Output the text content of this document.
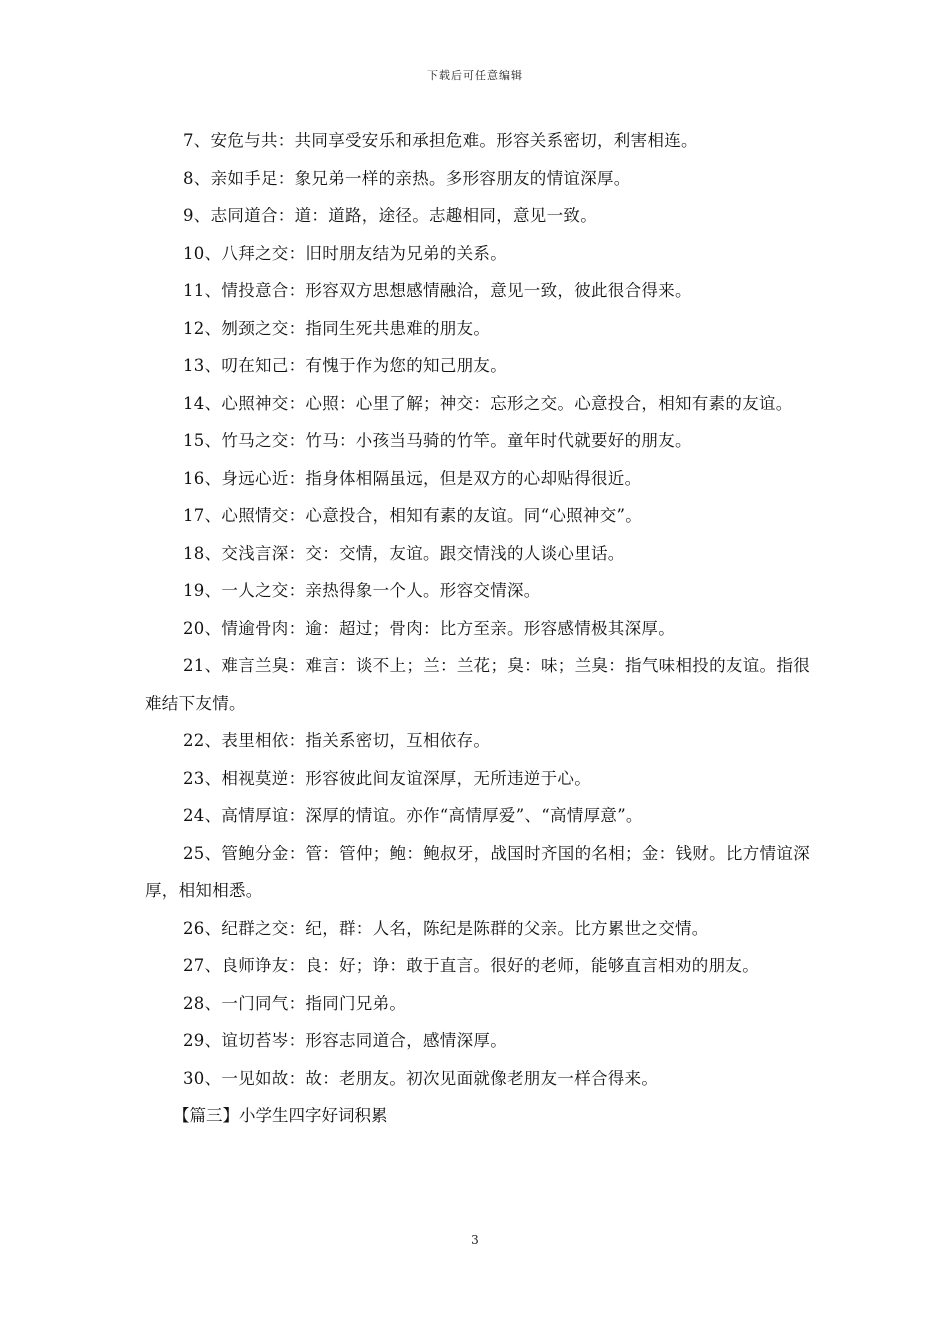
下载后可任意编辑

7、安危与共：共同享受安乐和承担危难。形容关系密切，利害相连。

8、亲如手足：象兄弟一样的亲热。多形容朋友的情谊深厚。

9、志同道合：道：道路，途径。志趣相同，意见一致。

10、八拜之交：旧时朋友结为兄弟的关系。

11、情投意合：形容双方思想感情融洽，意见一致，彼此很合得来。

12、刎颈之交：指同生死共患难的朋友。

13、叨在知己：有愧于作为您的知己朋友。

14、心照神交：心照：心里了解；神交：忘形之交。心意投合，相知有素的友谊。

15、竹马之交：竹马：小孩当马骑的竹竿。童年时代就要好的朋友。

16、身远心近：指身体相隔虽远，但是双方的心却贴得很近。

17、心照情交：心意投合，相知有素的友谊。同“心照神交”。

18、交浅言深：交：交情，友谊。跟交情浅的人谈心里话。

19、一人之交：亲热得象一个人。形容交情深。

20、情逾骨肉：逾：超过；骨肉：比方至亲。形容感情极其深厚。

21、难言兰臭：难言：谈不上；兰：兰花；臭：味；兰臭：指气味相投的友谊。指很难结下友情。

22、表里相依：指关系密切，互相依存。

23、相视莫逆：形容彼此间友谊深厚，无所违逆于心。

24、高情厚谊：深厚的情谊。亦作“高情厚爱”、“高情厚意”。

25、管鲍分金：管：管仲；鲍：鲍叔牙，战国时齐国的名相；金：钱财。比方情谊深厚，相知相悉。

26、纪群之交：纪，群：人名，陈纪是陈群的父亲。比方累世之交情。

27、良师诤友：良：好；诤：敢于直言。很好的老师，能够直言相劝的朋友。

28、一门同气：指同门兄弟。

29、谊切苔岑：形容志同道合，感情深厚。

30、一见如故：故：老朋友。初次见面就像老朋友一样合得来。

【篇三】小学生四字好词积累

3
